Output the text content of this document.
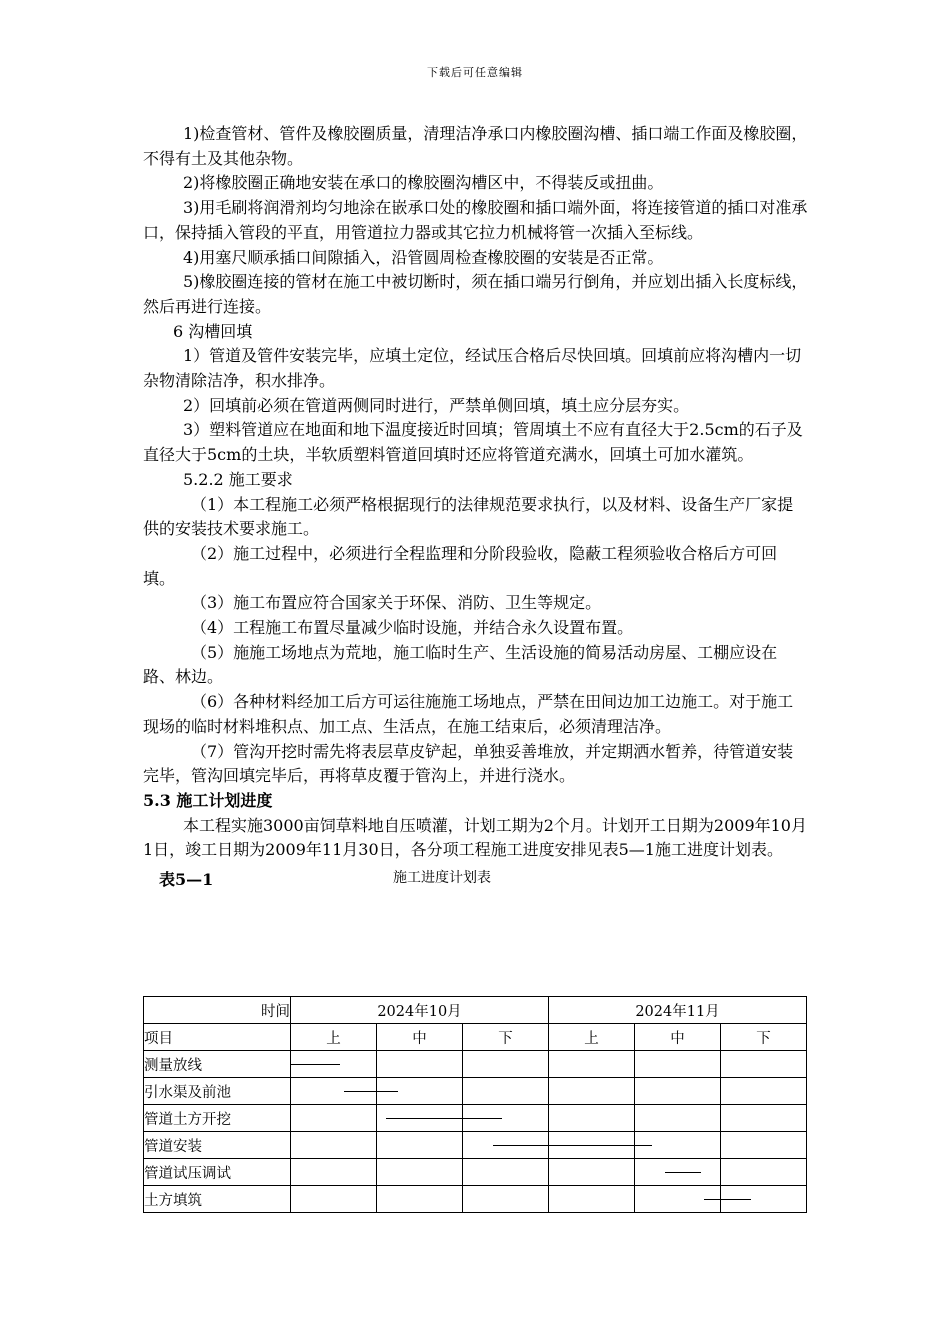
下载后可任意编辑

1)检查管材、管件及橡胶圈质量，清理洁净承口内橡胶圈沟槽、插口端工作面及橡胶圈，不得有土及其他杂物。

2)将橡胶圈正确地安装在承口的橡胶圈沟槽区中，不得装反或扭曲。

3)用毛刷将润滑剂均匀地涂在嵌承口处的橡胶圈和插口端外面，将连接管道的插口对准承口，保持插入管段的平直，用管道拉力器或其它拉力机械将管一次插入至标线。

4)用塞尺顺承插口间隙插入，沿管圆周检查橡胶圈的安装是否正常。

5)橡胶圈连接的管材在施工中被切断时，须在插口端另行倒角，并应划出插入长度标线，然后再进行连接。

6 沟槽回填

1）管道及管件安装完毕，应填土定位，经试压合格后尽快回填。回填前应将沟槽内一切杂物清除洁净，积水排净。

2）回填前必须在管道两侧同时进行，严禁单侧回填，填土应分层夯实。

3）塑料管道应在地面和地下温度接近时回填；管周填土不应有直径大于2.5cm的石子及直径大于5cm的土块，半软质塑料管道回填时还应将管道充满水，回填土可加水灌筑。

5.2.2 施工要求

（1）本工程施工必须严格根据现行的法律规范要求执行，以及材料、设备生产厂家提供的安装技术要求施工。

（2）施工过程中，必须进行全程监理和分阶段验收，隐蔽工程须验收合格后方可回填。

（3）施工布置应符合国家关于环保、消防、卫生等规定。

（4）工程施工布置尽量减少临时设施，并结合永久设置布置。

（5）施施工场地点为荒地，施工临时生产、生活设施的简易活动房屋、工棚应设在路、林边。

（6）各种材料经加工后方可运往施施工场地点，严禁在田间边加工边施工。对于施工现场的临时材料堆积点、加工点、生活点，在施工结束后，必须清理洁净。

（7）管沟开挖时需先将表层草皮铲起，单独妥善堆放，并定期洒水暂养，待管道安装完毕，管沟回填完毕后，再将草皮覆于管沟上，并进行浇水。

5.3 施工计划进度

本工程实施3000亩饲草料地自压喷灌，计划工期为2个月。计划开工日期为2009年10月1日，竣工日期为2009年11月30日，各分项工程施工进度安排见表5—1施工进度计划表。

表5—1	施工进度计划表
时间	2024年10月			2024年11月		
项目	上	中	下	上	中	下
测量放线	

引水渠及前池	

管道土方开挖	

管道安装	

管道试压调试	

土方填筑	
